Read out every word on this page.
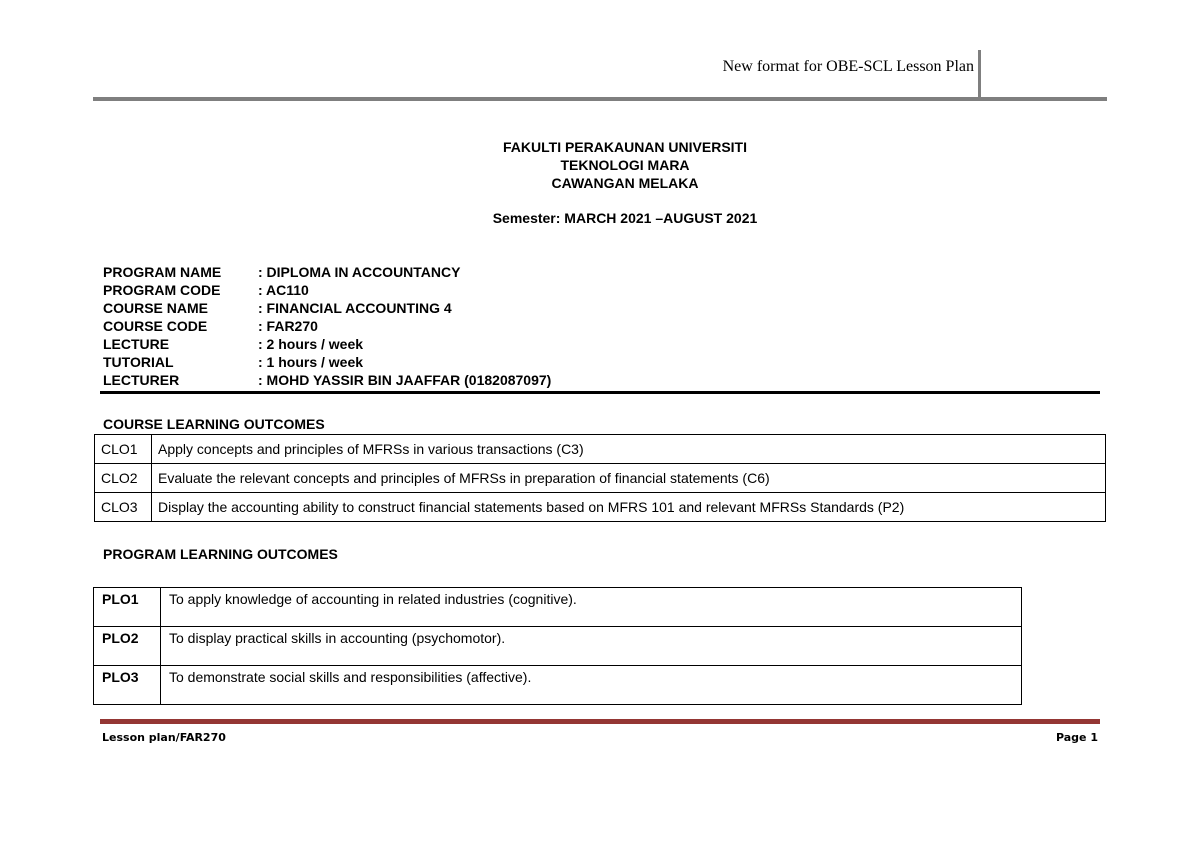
New format for OBE-SCL Lesson Plan
FAKULTI PERAKAUNAN UNIVERSITI
TEKNOLOGI MARA
CAWANGAN MELAKA
Semester: MARCH 2021 –AUGUST 2021
PROGRAM NAME	: DIPLOMA IN ACCOUNTANCY
PROGRAM CODE	: AC110
COURSE NAME	: FINANCIAL ACCOUNTING 4
COURSE CODE	: FAR270
LECTURE	: 2 hours / week
TUTORIAL	: 1 hours / week
LECTURER	: MOHD YASSIR BIN JAAFFAR (0182087097)
COURSE LEARNING OUTCOMES
CLO1	Apply concepts and principles of MFRSs in various transactions (C3)
CLO2	Evaluate the relevant concepts and principles of MFRSs in preparation of financial statements (C6)
CLO3	Display the accounting ability to construct financial statements based on MFRS 101 and relevant MFRSs Standards (P2)
PROGRAM LEARNING OUTCOMES
PLO1	To apply knowledge of accounting in related industries (cognitive).
PLO2	To display practical skills in accounting (psychomotor).
PLO3	To demonstrate social skills and responsibilities (affective).
Lesson plan/FAR270	Page 1
